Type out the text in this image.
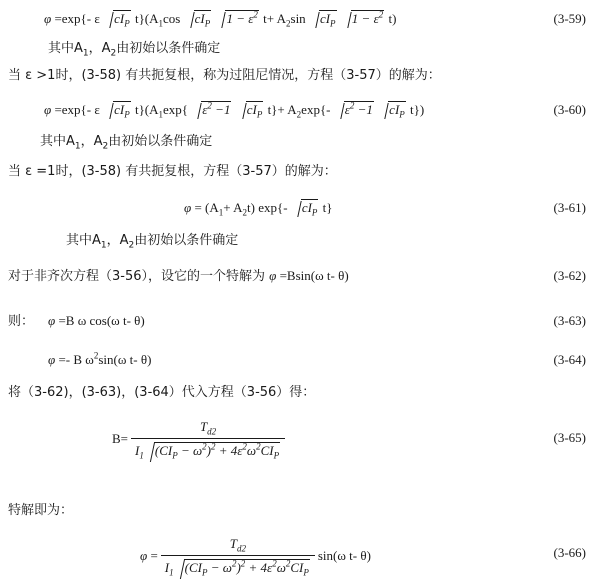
φ =exp{- ε $cI_P$ $t\}(A_1\cos$ $cI_P$ $1 - \varepsilon^2$ $t+ A_2\sin$ $cI_P$ $1 - \varepsilon^2$ t)	(3-59)
其中$A_1$，$A_2$由初始以条件确定
当 ε >1时，(3-58) 有共扼复根，称为过阻尼情况，方程（3-57）的解为：
φ =exp{- ε $cI_P$ $t\}(A_1\exp${ $\varepsilon^2 -1$ $cI_P$ $t\}+ A_2\exp\{-$ $\varepsilon^2 -1$ $cI_P$ t})	(3-60)
其中$A_1$，$A_2$由初始以条件确定
当 ε =1时，(3-58) 有共扼复根，方程（3-57）的解为：
$\varphi = (A_1+ A_2t)$ exp{- $cI_P$ t}	(3-61)
其中$A_1$，$A_2$由初始以条件确定
对于非齐次方程（3-56），设它的一个特解为 φ =Bsin(ω t- θ)	(3-62)
则： φ =B ω cos(ω t- θ)	(3-63)
φ =- B $\omega^2\sin(\omega$ t- θ)	(3-64)
将（3-62)，(3-63)，(3-64）代入方程（3-56）得：
$B= \frac{T_{d2}}{I_1 (CI_P - \omega^2)^2 + 4\varepsilon^2\omega^2CI_P}$	(3-65)
特解即为：
$\varphi = \frac{T_{d2}}{I_1 (CI_P - \omega^2)^2 + 4\varepsilon^2\omega^2CI_P} \sin(\omega$ t- θ)	(3-66)
